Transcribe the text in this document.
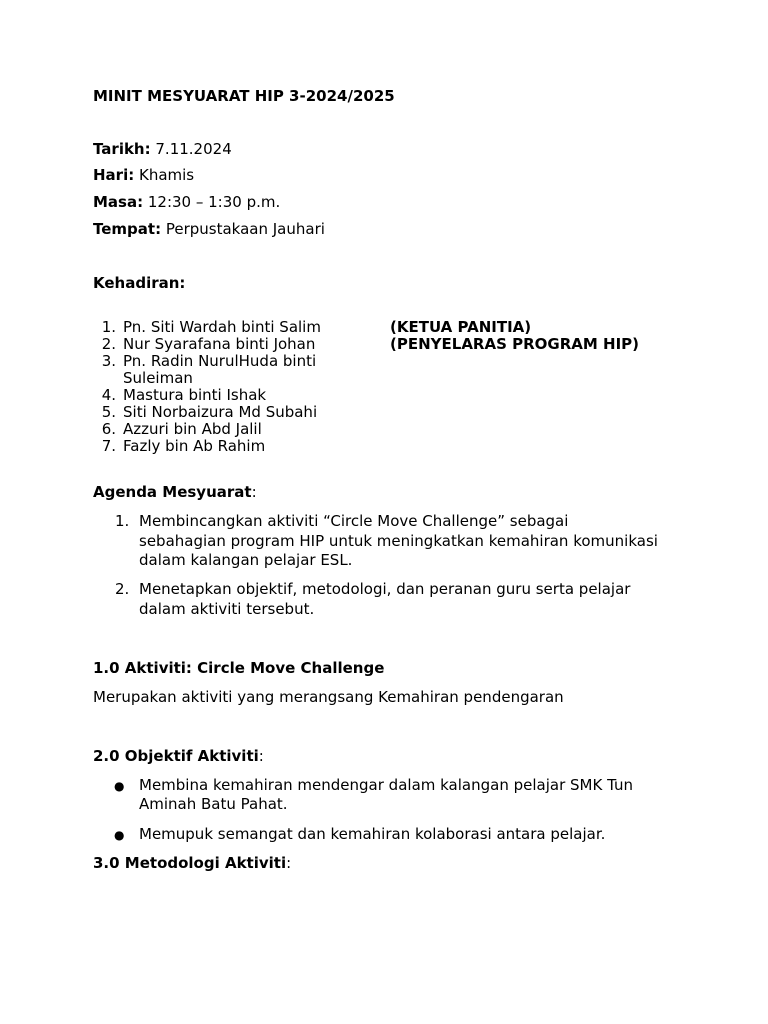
MINIT MESYUARAT HIP 3-2024/2025
Tarikh: 7.11.2024
Hari: Khamis
Masa: 12:30 – 1:30 p.m.
Tempat: Perpustakaan Jauhari
Kehadiran:
1. Pn. Siti Wardah binti Salim	(KETUA PANITIA)
2. Nur Syarafana binti Johan	(PENYELARAS PROGRAM HIP)
3. Pn. Radin NurulHuda binti
Suleiman
4. Mastura binti Ishak
5. Siti Norbaizura Md Subahi
6. Azzuri bin Abd Jalil
7. Fazly bin Ab Rahim
Agenda Mesyuarat:
1. Membincangkan aktiviti “Circle Move Challenge” sebagai
sebahagian program HIP untuk meningkatkan kemahiran komunikasi
dalam kalangan pelajar ESL.
2. Menetapkan objektif, metodologi, dan peranan guru serta pelajar
dalam aktiviti tersebut.
1.0 Aktiviti: Circle Move Challenge
Merupakan aktiviti yang merangsang Kemahiran pendengaran
2.0 Objektif Aktiviti:
● Membina kemahiran mendengar dalam kalangan pelajar SMK Tun
Aminah Batu Pahat.
● Memupuk semangat dan kemahiran kolaborasi antara pelajar.
3.0 Metodologi Aktiviti:
